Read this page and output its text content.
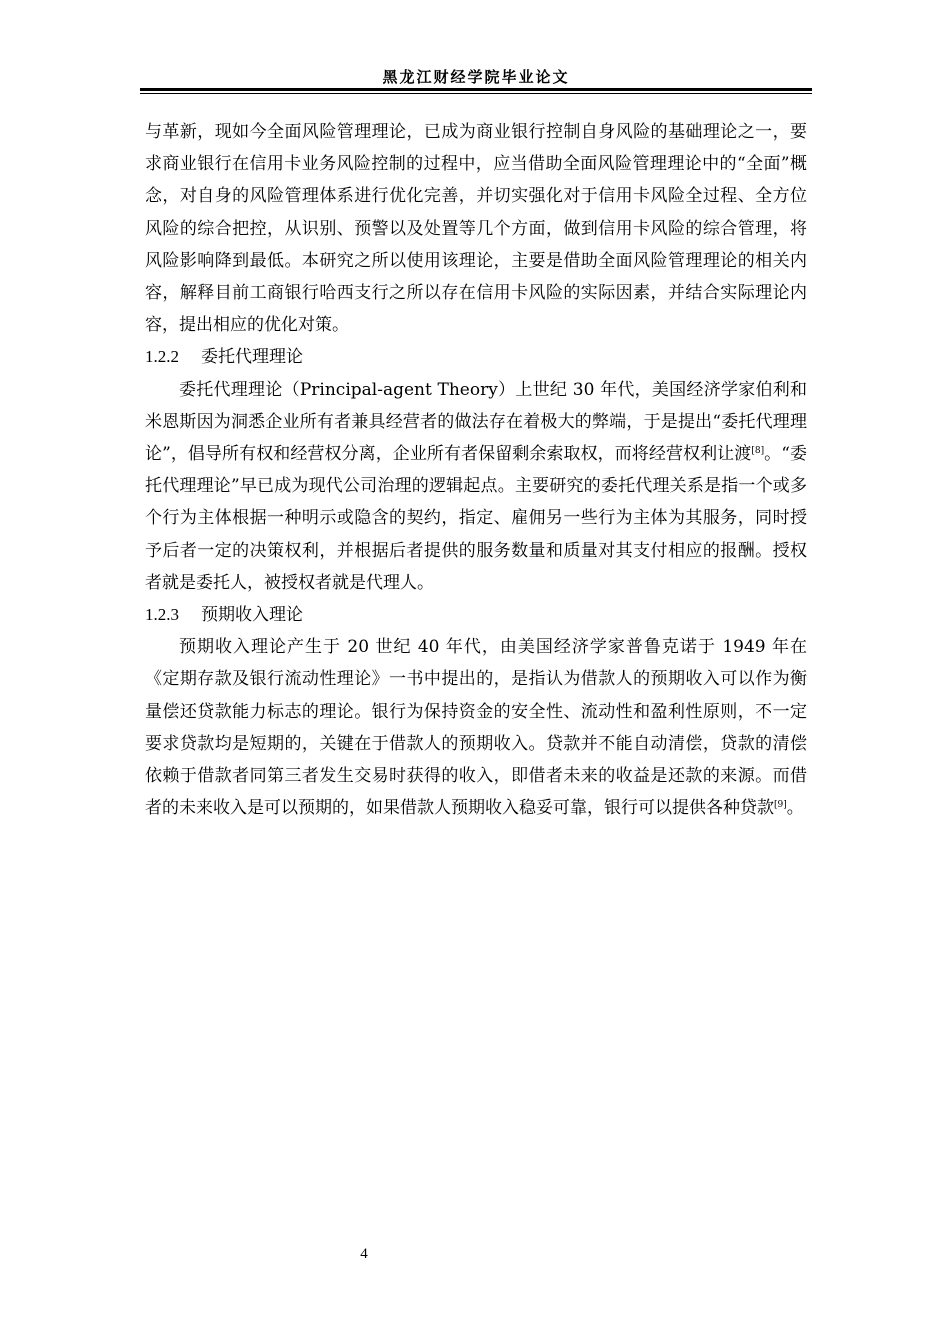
黑龙江财经学院毕业论文

与革新，现如今全面风险管理理论，已成为商业银行控制自身风险的基础理论之一，要求商业银行在信用卡业务风险控制的过程中，应当借助全面风险管理理论中的“全面”概念，对自身的风险管理体系进行优化完善，并切实强化对于信用卡风险全过程、全方位风险的综合把控，从识别、预警以及处置等几个方面，做到信用卡风险的综合管理，将风险影响降到最低。本研究之所以使用该理论，主要是借助全面风险管理理论的相关内容，解释目前工商银行哈西支行之所以存在信用卡风险的实际因素，并结合实际理论内容，提出相应的优化对策。

1.2.2 委托代理理论

委托代理理论（Principal-agent Theory）上世纪 30 年代，美国经济学家伯利和米恩斯因为洞悉企业所有者兼具经营者的做法存在着极大的弊端，于是提出“委托代理理论”，倡导所有权和经营权分离，企业所有者保留剩余索取权，而将经营权利让渡[8]。“委托代理理论”早已成为现代公司治理的逻辑起点。主要研究的委托代理关系是指一个或多个行为主体根据一种明示或隐含的契约，指定、雇佣另一些行为主体为其服务，同时授予后者一定的决策权利，并根据后者提供的服务数量和质量对其支付相应的报酬。授权者就是委托人，被授权者就是代理人。

1.2.3 预期收入理论

预期收入理论产生于 20 世纪 40 年代，由美国经济学家普鲁克诺于 1949 年在《定期存款及银行流动性理论》一书中提出的，是指认为借款人的预期收入可以作为衡量偿还贷款能力标志的理论。银行为保持资金的安全性、流动性和盈利性原则，不一定要求贷款均是短期的，关键在于借款人的预期收入。贷款并不能自动清偿，贷款的清偿依赖于借款者同第三者发生交易时获得的收入，即借者未来的收益是还款的来源。而借者的未来收入是可以预期的，如果借款人预期收入稳妥可靠，银行可以提供各种贷款[9]。

4
